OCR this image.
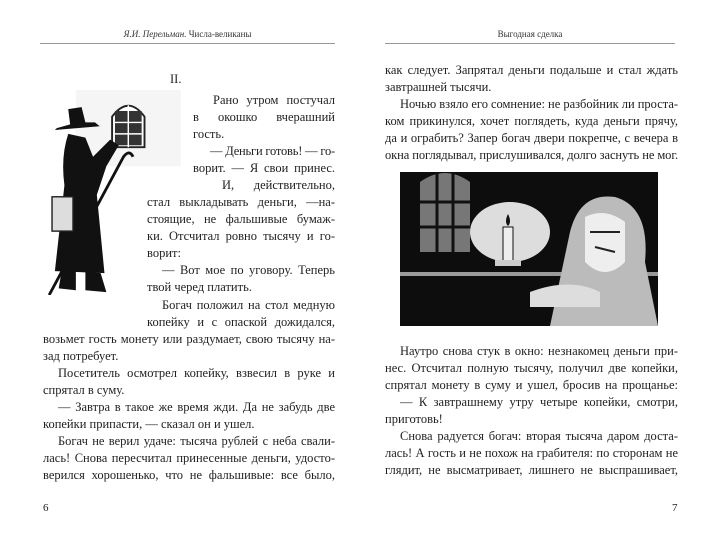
Я.И. Перельман. Числа-великаны
II.
Рано утром постучал
в окошко вчерашний
гость.
— Деньги готовь! — го-
ворит. — Я свои принес.
И, действительно,
стал выкладывать деньги, —на-
стоящие, не фальшивые бумаж-
ки. Отсчитал ровно тысячу и го-
ворит:
— Вот мое по уговору. Теперь
твой черед платить.
Богач положил на стол медную
копейку и с опаской дожидался,
возьмет гость монету или раздумает, свою тысячу на-
зад потребует.
Посетитель осмотрел копейку, взвесил в руке и
спрятал в суму.
— Завтра в такое же время жди. Да не забудь две
копейки припасти, — сказал он и ушел.
Богач не верил удаче: тысяча рублей с неба свали-
лась! Снова пересчитал принесенные деньги, удосто-
верился хорошенько, что не фальшивые: все было,
6
Выгодная сделка
как следует. Запрятал деньги подальше и стал ждать
завтрашней тысячи.
Ночью взяло его сомнение: не разбойник ли проста-
ком прикинулся, хочет поглядеть, куда деньги прячу,
да и ограбить? Запер богач двери покрепче, с вечера в
окна поглядывал, прислушивался, долго заснуть не мог.
Наутро снова стук в окно: незнакомец деньги при-
нес. Отсчитал полную тысячу, получил две копейки,
спрятал монету в суму и ушел, бросив на прощанье:
— К завтрашнему утру четыре копейки, смотри,
приготовь!
Снова радуется богач: вторая тысяча даром доста-
лась! А гость и не похож на грабителя: по сторонам не
глядит, не высматривает, лишнего не выспрашивает,
7
